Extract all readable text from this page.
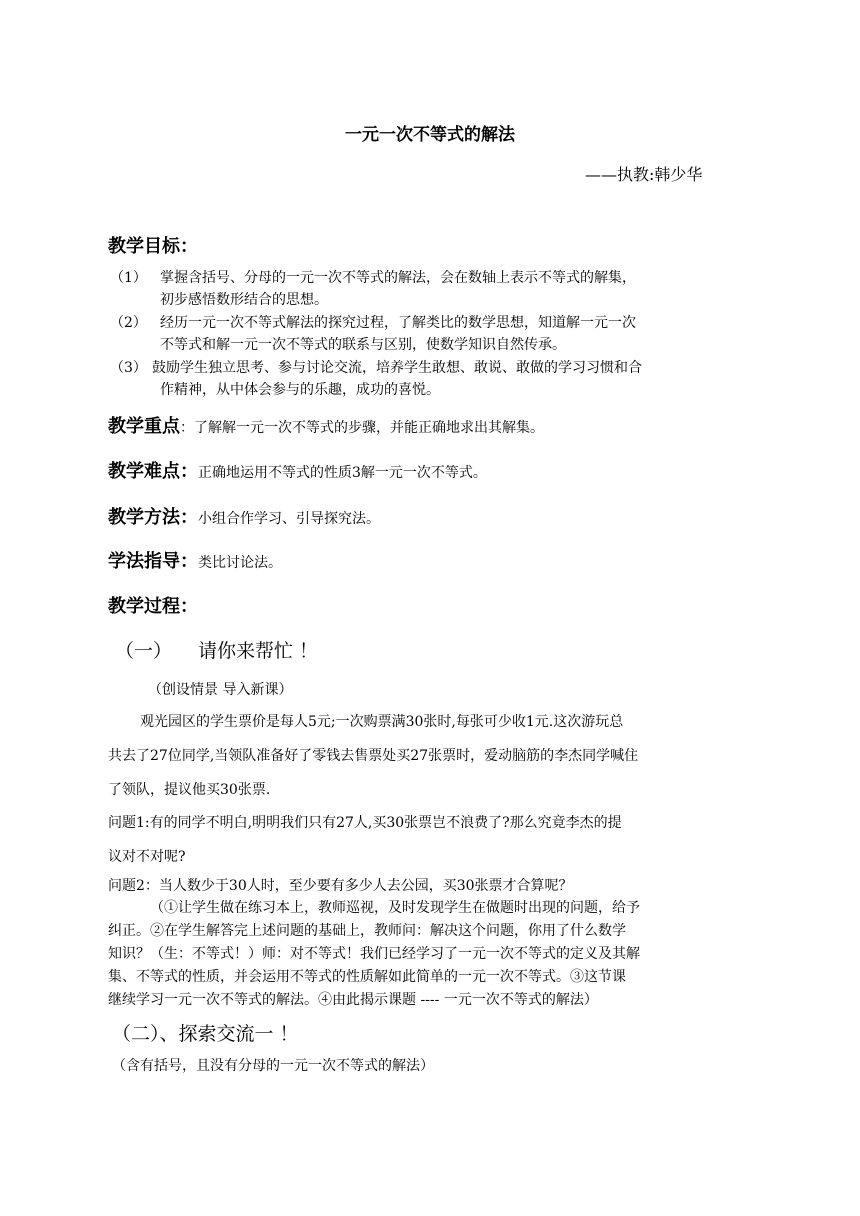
一元一次不等式的解法
——执教:韩少华
教学目标：
（1） 掌握含括号、分母的一元一次不等式的解法，会在数轴上表示不等式的解集，
初步感悟数形结合的思想。
（2） 经历一元一次不等式解法的探究过程，了解类比的数学思想，知道解一元一次
不等式和解一元一次不等式的联系与区别，使数学知识自然传承。
（3） 鼓励学生独立思考、参与讨论交流，培养学生敢想、敢说、敢做的学习习惯和合
作精神，从中体会参与的乐趣，成功的喜悦。
教学重点：了解解一元一次不等式的步骤，并能正确地求出其解集。
教学难点：正确地运用不等式的性质3解一元一次不等式。
教学方法：小组合作学习、引导探究法。
学法指导：类比讨论法。
教学过程：
（一） 请你来帮忙 ！
（创设情景 导入新课）
观光园区的学生票价是每人5元;一次购票满30张时,每张可少收1元.这次游玩总
共去了27位同学,当领队准备好了零钱去售票处买27张票时，爱动脑筋的李杰同学喊住
了领队，提议他买30张票.
问题1:有的同学不明白,明明我们只有27人,买30张票岂不浪费了?那么究竟李杰的提
议对不对呢?
问题2：当人数少于30人时，至少要有多少人去公园，买30张票才合算呢？
（①让学生做在练习本上，教师巡视，及时发现学生在做题时出现的问题，给予
纠正。②在学生解答完上述问题的基础上，教师问：解决这个问题，你用了什么数学
知识？（生：不等式！）师：对不等式！我们已经学习了一元一次不等式的定义及其解
集、不等式的性质，并会运用不等式的性质解如此简单的一元一次不等式。③这节课
继续学习一元一次不等式的解法。④由此揭示课题 ---- 一元一次不等式的解法）
（二）、探索交流一 ！
（含有括号，且没有分母的一元一次不等式的解法）
